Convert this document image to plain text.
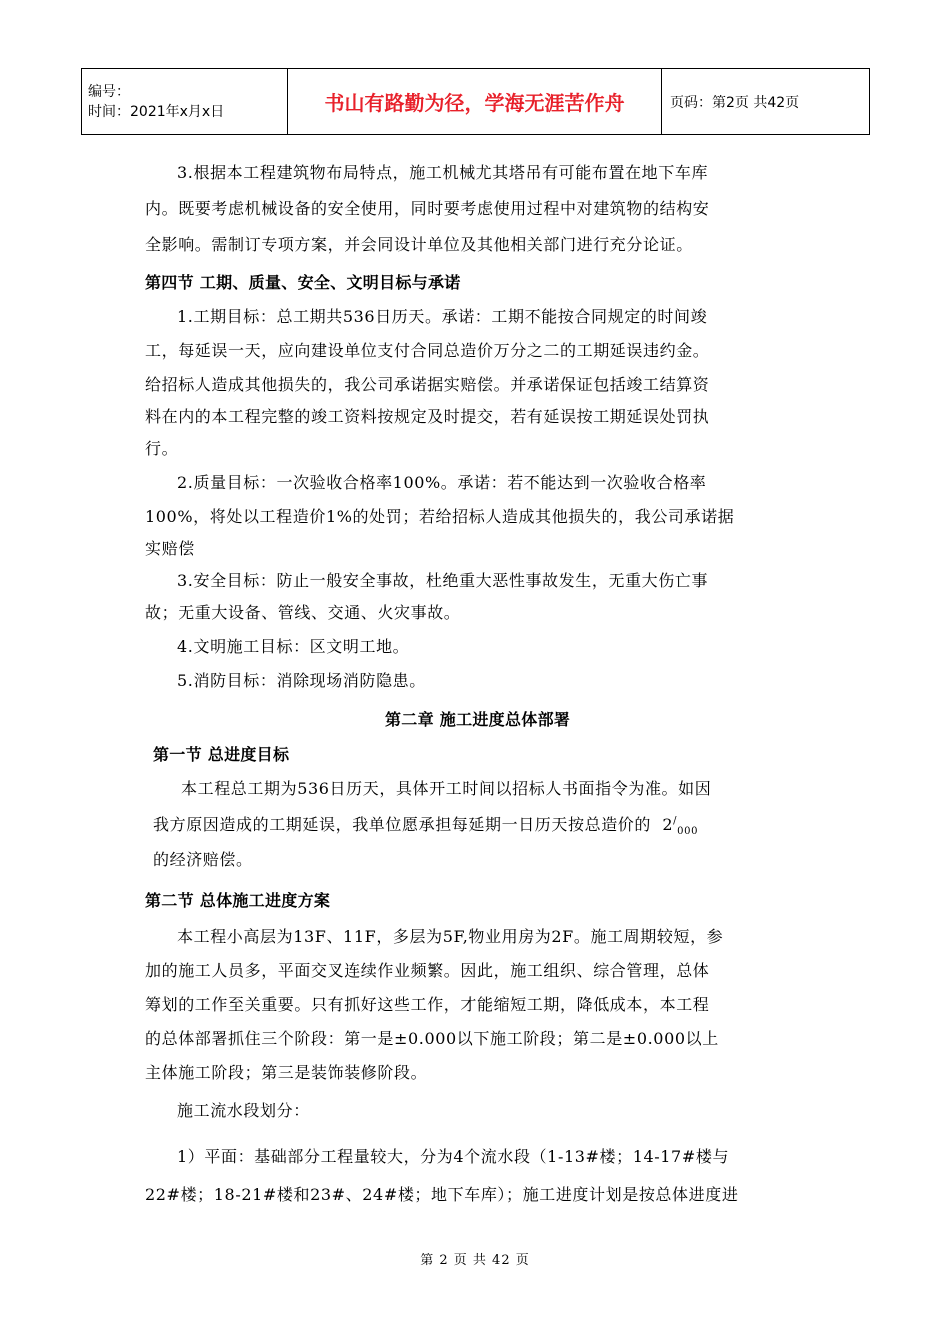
编号：
时间：2021年x月x日	书山有路勤为径，学海无涯苦作舟	页码：第2页 共42页
3.根据本工程建筑物布局特点，施工机械尤其塔吊有可能布置在地下车库
内。既要考虑机械设备的安全使用，同时要考虑使用过程中对建筑物的结构安
全影响。需制订专项方案，并会同设计单位及其他相关部门进行充分论证。
第四节 工期、质量、安全、文明目标与承诺
1.工期目标：总工期共536日历天。承诺：工期不能按合同规定的时间竣
工，每延误一天，应向建设单位支付合同总造价万分之二的工期延误违约金。
给招标人造成其他损失的，我公司承诺据实赔偿。并承诺保证包括竣工结算资
料在内的本工程完整的竣工资料按规定及时提交，若有延误按工期延误处罚执
行。
2.质量目标：一次验收合格率100%。承诺：若不能达到一次验收合格率
100%，将处以工程造价1%的处罚；若给招标人造成其他损失的，我公司承诺据
实赔偿
3.安全目标：防止一般安全事故，杜绝重大恶性事故发生，无重大伤亡事
故；无重大设备、管线、交通、火灾事故。
4.文明施工目标：区文明工地。
5.消防目标：消除现场消防隐患。
第二章 施工进度总体部署
第一节 总进度目标
本工程总工期为536日历天，具体开工时间以招标人书面指令为准。如因
我方原因造成的工期延误，我单位愿承担每延期一日历天按总造价的 $2^/_{000}$
的经济赔偿。
第二节 总体施工进度方案
本工程小高层为13F、11F，多层为5F,物业用房为2F。施工周期较短，参
加的施工人员多，平面交叉连续作业频繁。因此，施工组织、综合管理，总体
筹划的工作至关重要。只有抓好这些工作，才能缩短工期，降低成本，本工程
的总体部署抓住三个阶段：第一是±0.000以下施工阶段；第二是±0.000以上
主体施工阶段；第三是装饰装修阶段。
施工流水段划分：
1）平面：基础部分工程量较大，分为4个流水段（1-13#楼；14-17#楼与
22#楼；18-21#楼和23#、24#楼；地下车库）；施工进度计划是按总体进度进
第 2 页 共 42 页
